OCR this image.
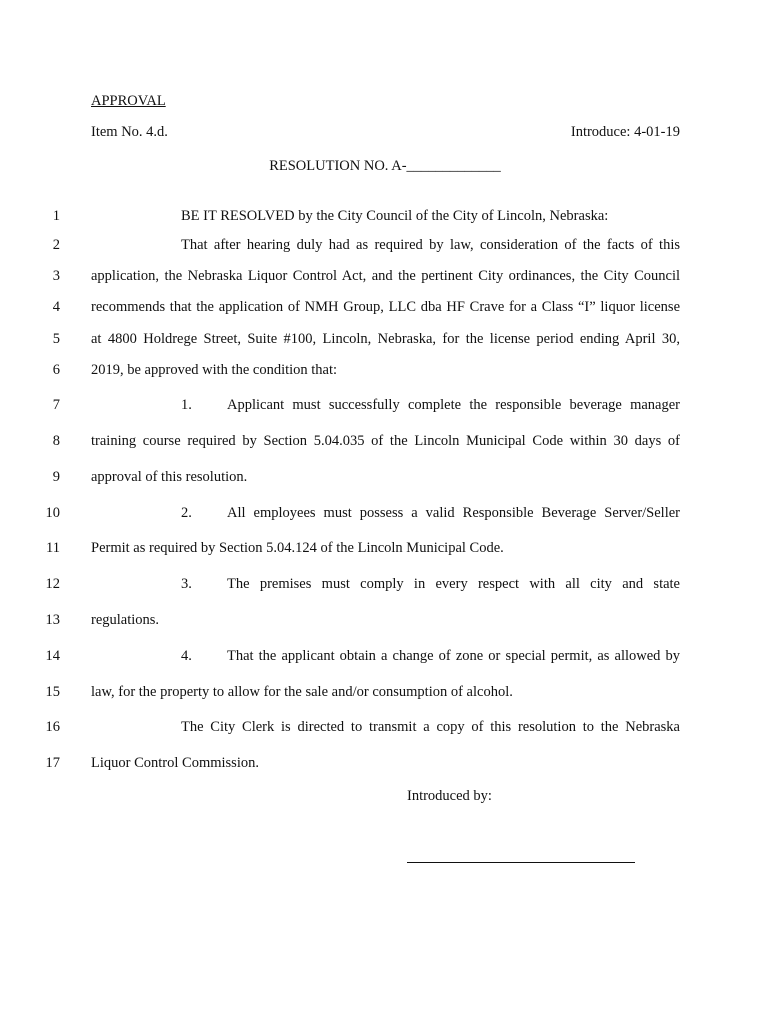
APPROVAL
Item No. 4.d.	Introduce: 4-01-19
RESOLUTION NO. A-_____________
1
2
3
4
5
6
7
8
9
10
11
12
13
14
15
16
17
BE IT RESOLVED by the City Council of the City of Lincoln, Nebraska:
That after hearing duly had as required by law, consideration of the facts of this
application, the Nebraska Liquor Control Act, and the pertinent City ordinances, the City Council
recommends that the application of NMH Group, LLC dba HF Crave for a Class “I” liquor license
at 4800 Holdrege Street, Suite #100, Lincoln, Nebraska, for the license period ending April 30,
2019, be approved with the condition that:
1.	Applicant must successfully complete the responsible beverage manager
training course required by Section 5.04.035 of the Lincoln Municipal Code within 30 days of
approval of this resolution.
2.	All employees must possess a valid Responsible Beverage Server/Seller
Permit as required by Section 5.04.124 of the Lincoln Municipal Code.
3.	The premises must comply in every respect with all city and state
regulations.
4.	That the applicant obtain a change of zone or special permit, as allowed by
law, for the property to allow for the sale and/or consumption of alcohol.
The City Clerk is directed to transmit a copy of this resolution to the Nebraska
Liquor Control Commission.
Introduced by:
